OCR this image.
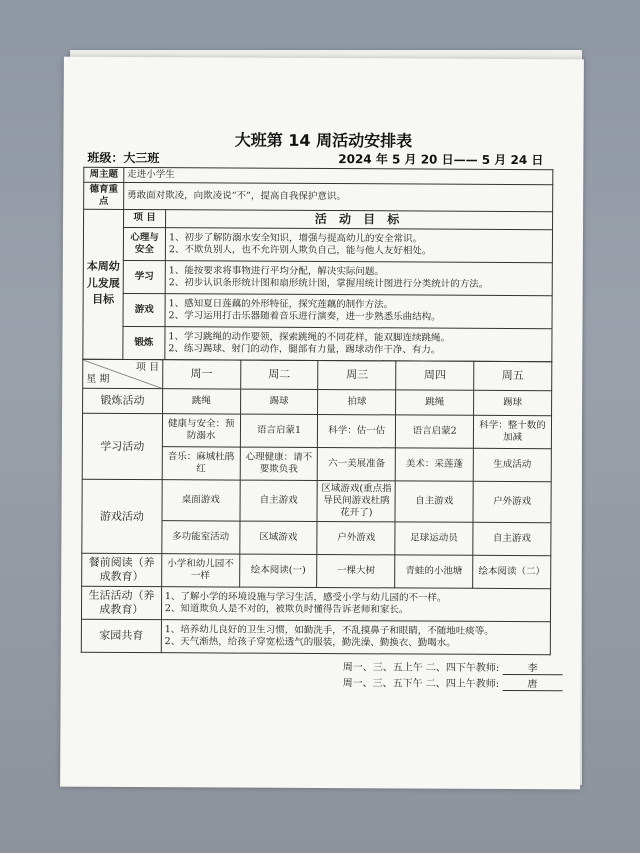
大班第 14 周活动安排表
班级：大三班	2024 年 5 月 20 日—— 5 月 24 日
周主题	走进小学生	
德育重点	勇敢面对欺凌，向欺凌说“不”，提高自我保护意识。	
本周幼儿发展目标	项 目	活 动 目 标
	心理与安全	1、初步了解防溺水安全知识，增强与提高幼儿的安全常识。
2、不欺负别人，也不允许别人欺负自己，能与他人友好相处。

	学习	1、能按要求将事物进行平均分配，解决实际问题。
2、初步认识条形统计图和扇形统计图，掌握用统计图进行分类统计的方法。

	游戏	1、感知夏日莲藕的外形特征，探究莲藕的制作方法。
2、学习运用打击乐器随着音乐进行演奏，进一步熟悉乐曲结构。

	锻炼	1、学习跳绳的动作要领，探索跳绳的不同花样，能双脚连续跳绳。
2、练习踢球、射门的动作，腿部有力量，踢球动作干净、有力。
项 目
星 期	周一	周二	周三	周四	周五
锻炼活动	跳绳	踢球	拍球	跳绳	踢球
学习活动	健康与安全：预防溺水	语言启蒙1	科学：估一估	语言启蒙2	科学：整十数的加减
	音乐：麻城杜鹃红	心理健康：请不要欺负我	六一美展准备	美术：采莲蓬	生成活动
游戏活动	桌面游戏	自主游戏	区域游戏(重点指导民间游戏杜鹃花开了)	自主游戏	户外游戏
	多功能室活动	区域游戏	户外游戏	足球运动员	自主游戏
餐前阅读（养成教育）	小学和幼儿园不一样	绘本阅读(一)	一棵大树	青蛙的小池塘	绘本阅读（二）
生活活动（养成教育）	1、了解小学的环境设施与学习生活，感受小学与幼儿园的不一样。
2、知道欺负人是不对的，被欺负时懂得告诉老师和家长。				

家园共育	1、培养幼儿良好的卫生习惯，如勤洗手，不乱摸鼻子和眼睛，不随地吐痰等。
2、天气渐热，给孩子穿宽松透气的服装，勤洗澡、勤换衣、勤喝水。				
周一、三、五上午 二、四下午教师:	李
周一、三、五下午 二、四上午教师:	唐
